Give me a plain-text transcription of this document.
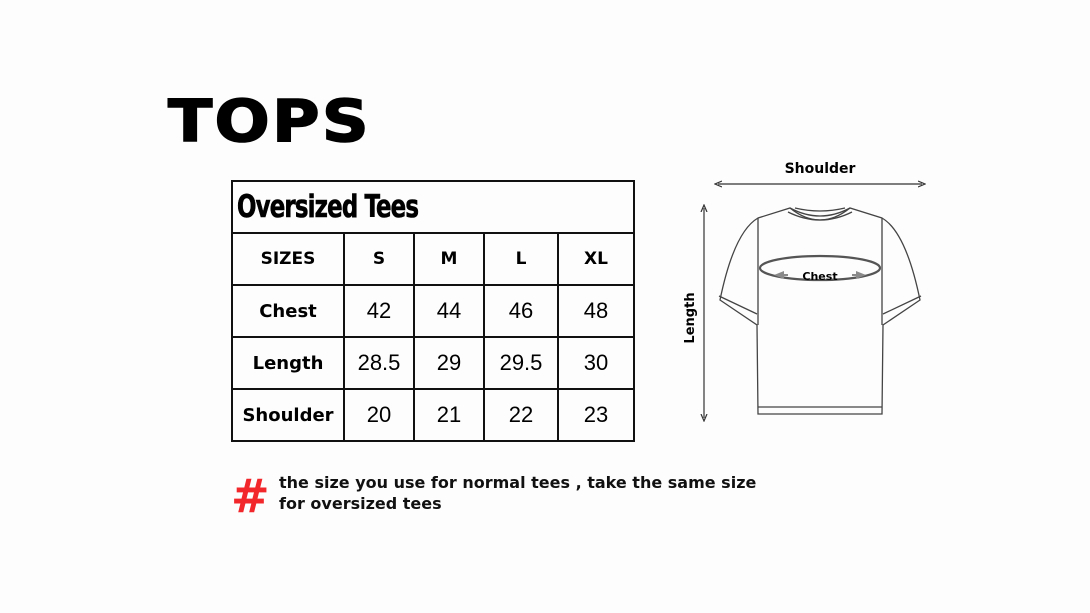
TOPS
Oversized Tees				
SIZES	S	M	L	XL
Chest	42	44	46	48
Length	28.5	29	29.5	30
Shoulder	20	21	22	23
# the size you use for normal tees , take the same size for oversized tees
Shoulder
Length
Chest
